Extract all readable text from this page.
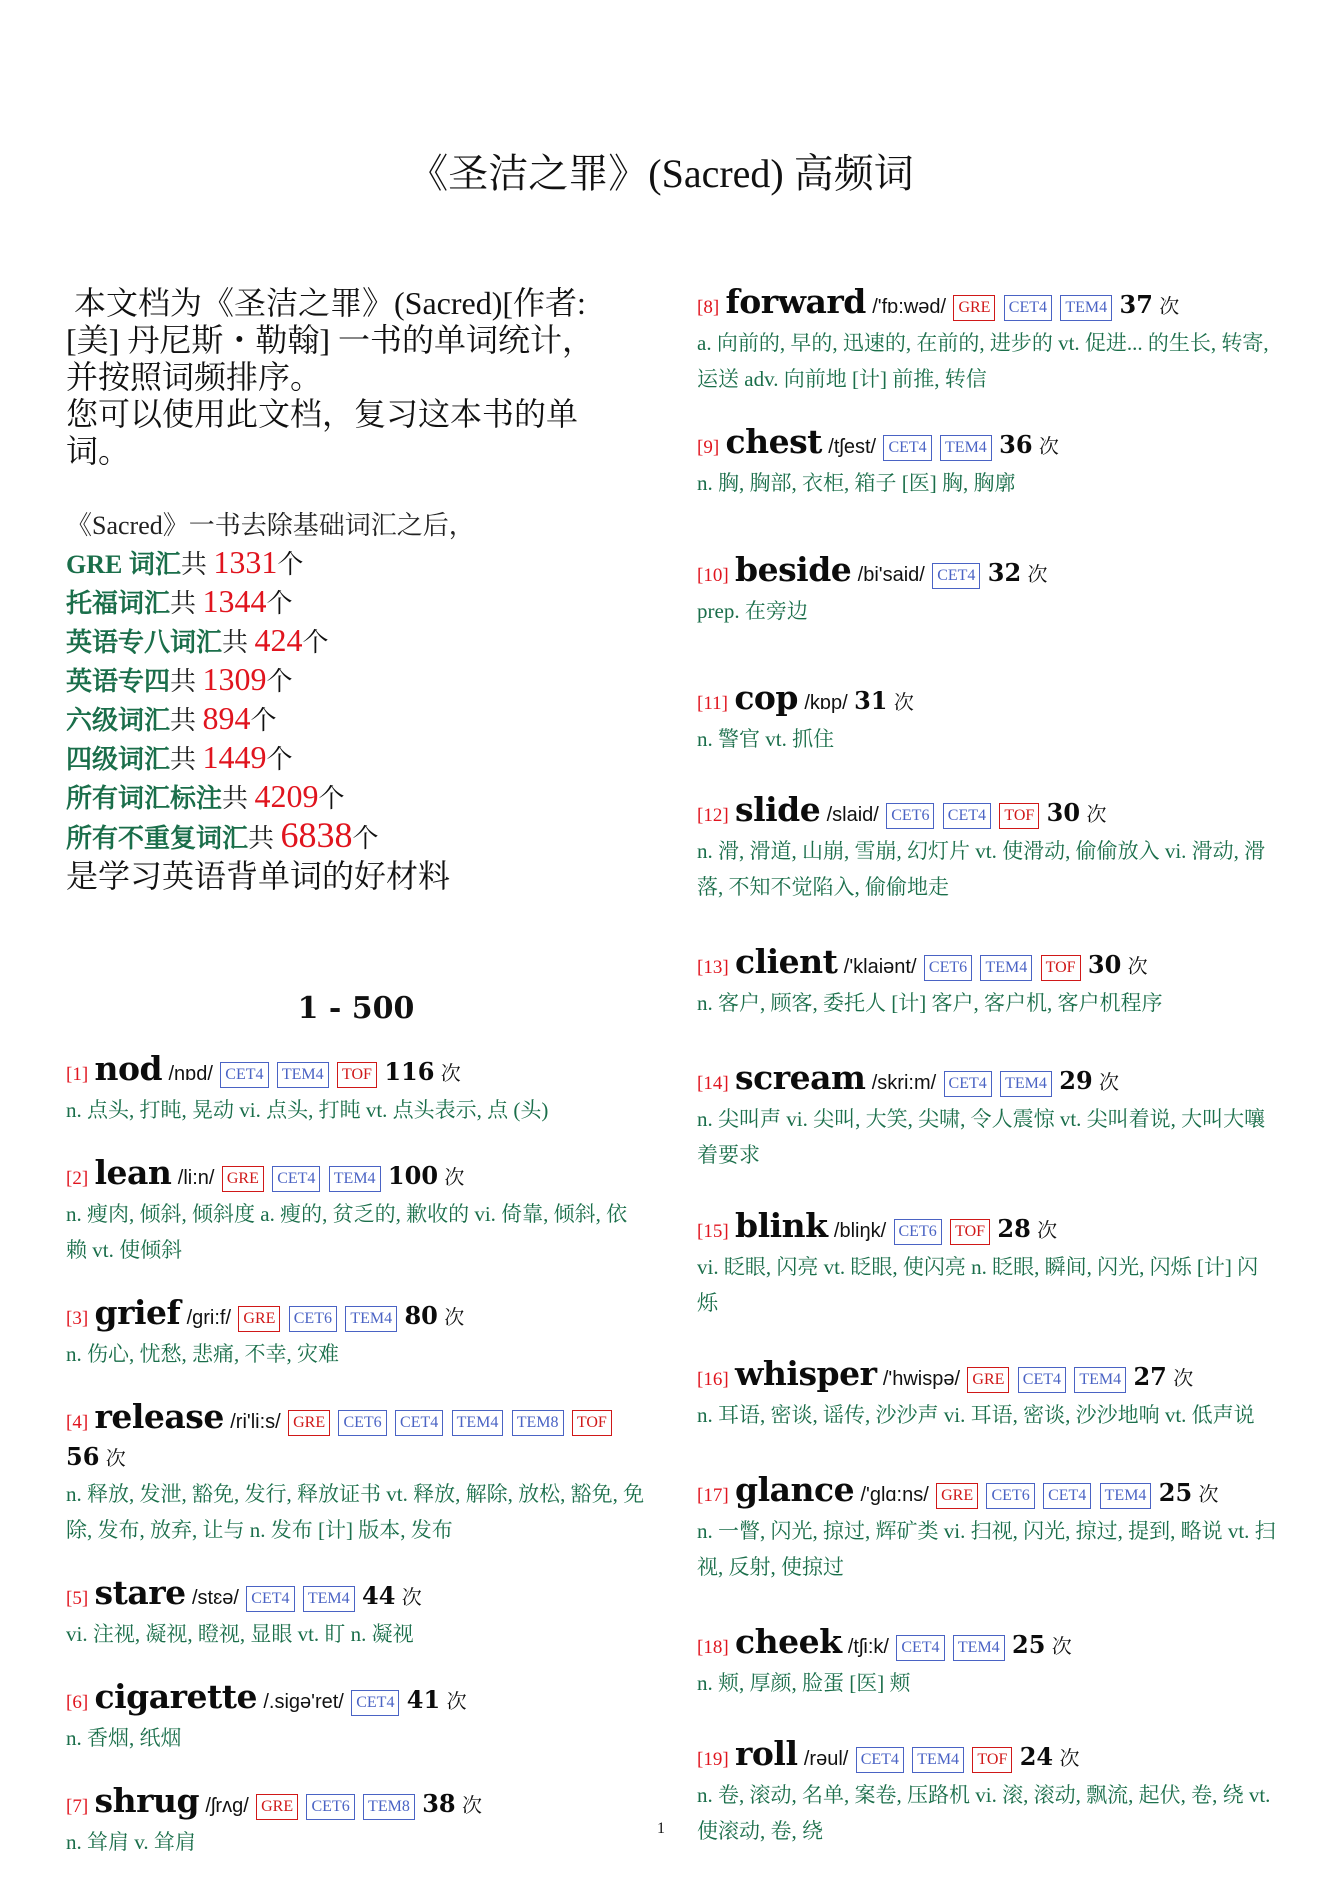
《圣洁之罪》(Sacred) 高频词
本文档为《圣洁之罪》(Sacred)[作者:
[美] 丹尼斯・勒翰] 一书的单词统计，
并按照词频排序。
您可以使用此文档，复习这本书的单
词。
《Sacred》一书去除基础词汇之后，
GRE 词汇共 1331个
托福词汇共 1344个
英语专八词汇共 424个
英语专四共 1309个
六级词汇共 894个
四级词汇共 1449个
所有词汇标注共 4209个
所有不重复词汇共 6838个
是学习英语背单词的好材料
1 - 500
[1] nod /nɒd/ CET4 TEM4 TOF 116 次
n. 点头, 打盹, 晃动 vi. 点头, 打盹 vt. 点头表示, 点 (头)
[2] lean /li:n/ GRE CET4 TEM4 100 次
n. 瘦肉, 倾斜, 倾斜度 a. 瘦的, 贫乏的, 歉收的 vi. 倚靠, 倾斜, 依赖 vt. 使倾斜
[3] grief /gri:f/ GRE CET6 TEM4 80 次
n. 伤心, 忧愁, 悲痛, 不幸, 灾难
[4] release /ri'li:s/ GRE CET6 CET4 TEM4 TEM8 TOF 56 次
n. 释放, 发泄, 豁免, 发行, 释放证书 vt. 释放, 解除, 放松, 豁免, 免除, 发布, 放弃, 让与 n. 发布 [计] 版本, 发布
[5] stare /stɛə/ CET4 TEM4 44 次
vi. 注视, 凝视, 瞪视, 显眼 vt. 盯 n. 凝视
[6] cigarette /.sigə'ret/ CET4 41 次
n. 香烟, 纸烟
[7] shrug /ʃrʌg/ GRE CET6 TEM8 38 次
n. 耸肩 v. 耸肩
[8] forward /'fɒ:wəd/ GRE CET4 TEM4 37 次
a. 向前的, 早的, 迅速的, 在前的, 进步的 vt. 促进... 的生长, 转寄, 运送 adv. 向前地 [计] 前推, 转信
[9] chest /tʃest/ CET4 TEM4 36 次
n. 胸, 胸部, 衣柜, 箱子 [医] 胸, 胸廓
[10] beside /bi'said/ CET4 32 次
prep. 在旁边
[11] cop /kɒp/ 31 次
n. 警官 vt. 抓住
[12] slide /slaid/ CET6 CET4 TOF 30 次
n. 滑, 滑道, 山崩, 雪崩, 幻灯片 vt. 使滑动, 偷偷放入 vi. 滑动, 滑落, 不知不觉陷入, 偷偷地走
[13] client /'klaiənt/ CET6 TEM4 TOF 30 次
n. 客户, 顾客, 委托人 [计] 客户, 客户机, 客户机程序
[14] scream /skri:m/ CET4 TEM4 29 次
n. 尖叫声 vi. 尖叫, 大笑, 尖啸, 令人震惊 vt. 尖叫着说, 大叫大嚷着要求
[15] blink /bliŋk/ CET6 TOF 28 次
vi. 眨眼, 闪亮 vt. 眨眼, 使闪亮 n. 眨眼, 瞬间, 闪光, 闪烁 [计] 闪烁
[16] whisper /'hwispə/ GRE CET4 TEM4 27 次
n. 耳语, 密谈, 谣传, 沙沙声 vi. 耳语, 密谈, 沙沙地响 vt. 低声说
[17] glance /'glɑ:ns/ GRE CET6 CET4 TEM4 25 次
n. 一瞥, 闪光, 掠过, 辉矿类 vi. 扫视, 闪光, 掠过, 提到, 略说 vt. 扫视, 反射, 使掠过
[18] cheek /tʃi:k/ CET4 TEM4 25 次
n. 颊, 厚颜, 脸蛋 [医] 颊
[19] roll /rəul/ CET4 TEM4 TOF 24 次
n. 卷, 滚动, 名单, 案卷, 压路机 vi. 滚, 滚动, 飘流, 起伏, 卷, 绕 vt. 使滚动, 卷, 绕
1
